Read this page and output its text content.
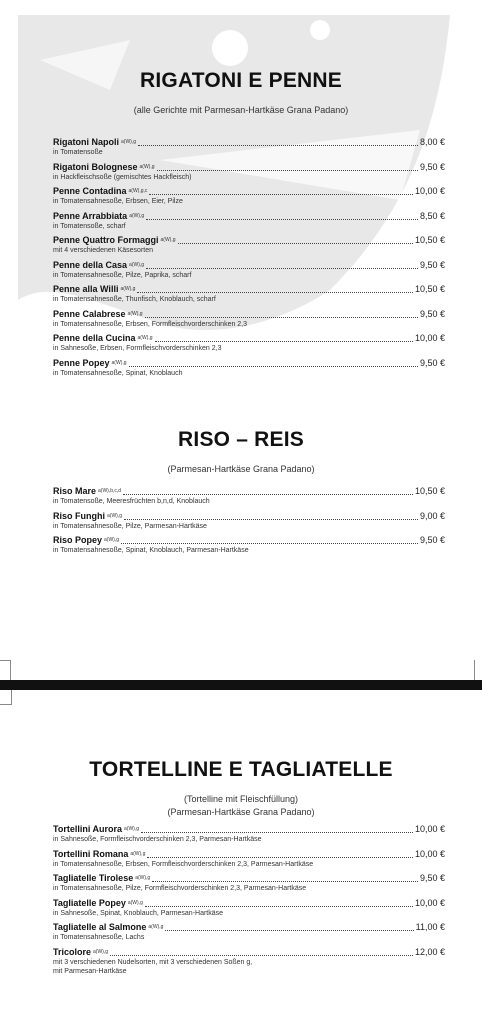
RIGATONI E PENNE

(alle Gerichte mit Parmesan-Hartkäse Grana Padano)

Rigatoni Napoli a(W),g	8,00 €
in Tomatensoße
Rigatoni Bolognese a(W),g	9,50 €
in Hackfleischsoße (gemischtes Hackfleisch)
Penne Contadina a(W),g,c	10,00 €
in Tomatensahnesoße, Erbsen, Eier, Pilze
Penne Arrabbiata a(W),g	8,50 €
in Tomatensoße, scharf
Penne Quattro Formaggi a(W),g	10,50 €
mit 4 verschiedenen Käsesorten
Penne della Casa a(W),g	9,50 €
in Tomatensahnesoße, Pilze, Paprika, scharf
Penne alla Willi a(W),g	10,50 €
in Tomatensahnesoße, Thunfisch, Knoblauch, scharf
Penne Calabrese a(W),g	9,50 €
in Tomatensahnesoße, Erbsen, Formfleischvorderschinken 2,3
Penne della Cucina a(W),g	10,00 €
in Sahnesoße, Erbsen, Formfleischvorderschinken 2,3
Penne Popey a(W),g	9,50 €
in Tomatensahnesoße, Spinat, Knoblauch
RISO – REIS

(Parmesan-Hartkäse Grana Padano)

Riso Mare a(W),b,c,d	10,50 €
in Tomatensoße, Meeresfrüchten b,n,d, Knoblauch
Riso Funghi a(W),g	9,00 €
in Tomatensahnesoße, Pilze, Parmesan-Hartkäse
Riso Popey a(W),g	9,50 €
in Tomatensahnesoße, Spinat, Knoblauch, Parmesan-Hartkäse
TORTELLINE E TAGLIATELLE

(Tortelline mit Fleischfüllung)

(Parmesan-Hartkäse Grana Padano)

Tortellini Aurora a(W),g	10,00 €
in Sahnesoße, Formfleischvorderschinken 2,3, Parmesan-Hartkäse
Tortellini Romana a(W),g	10,00 €
in Tomatensahnesoße, Erbsen, Formfleischvorderschinken 2,3, Parmesan-Hartkäse
Tagliatelle Tirolese a(W),g	9,50 €
in Tomatensahnesoße, Pilze, Formfleischvorderschinken 2,3, Parmesan-Hartkäse
Tagliatelle Popey a(W),g	10,00 €
in Sahnesoße, Spinat, Knoblauch, Parmesan-Hartkäse
Tagliatelle al Salmone a(W),g	11,00 €
in Tomatensahnesoße, Lachs
Tricolore a(W),g	12,00 €
mit 3 verschiedenen Nudelsorten, mit 3 verschiedenen Soßen g,
mit Parmesan-Hartkäse
